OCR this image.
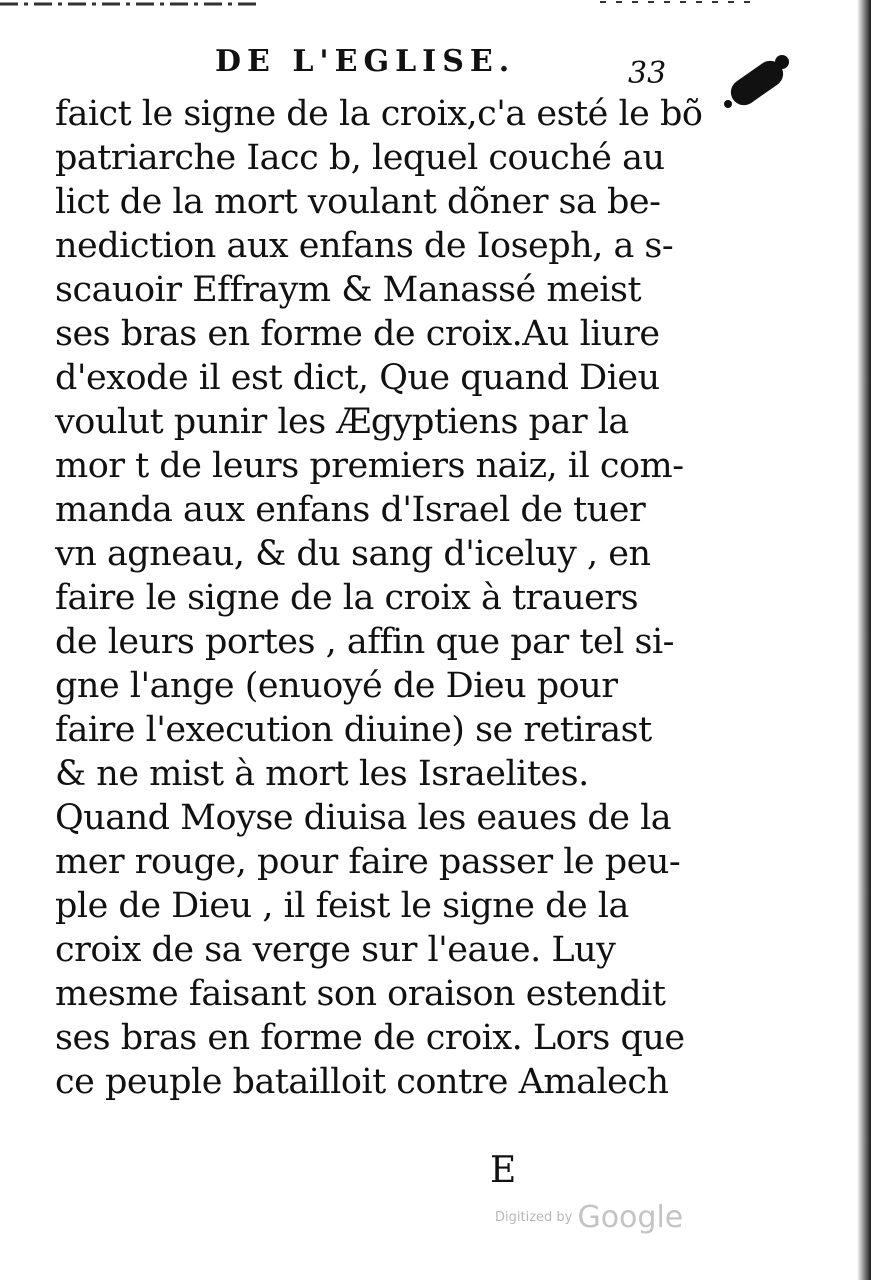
DE L'EGLISE.	33
faict le signe de la croix,c'a esté le bõ
patriarche Iacc b, lequel couché au
lict de la mort voulant dõner sa be-
nediction aux enfans de Ioseph, a s-
scauoir Effraym & Manassé meist
ses bras en forme de croix.Au liure
d'exode il est dict, Que quand Dieu
voulut punir les Ægyptiens par la
mor t de leurs premiers naiz, il com-
manda aux enfans d'Israel de tuer
vn agneau, & du sang d'iceluy , en
faire le signe de la croix à trauers
de leurs portes , affin que par tel si-
gne l'ange (enuoyé de Dieu pour
faire l'execution diuine) se retirast
& ne mist à mort les Israelites.
Quand Moyse diuisa les eaues de la
mer rouge, pour faire passer le peu-
ple de Dieu , il feist le signe de la
croix de sa verge sur l'eaue. Luy
mesme faisant son oraison estendit
ses bras en forme de croix. Lors que
ce peuple batailloit contre Amalech
E
Digitized by Google
